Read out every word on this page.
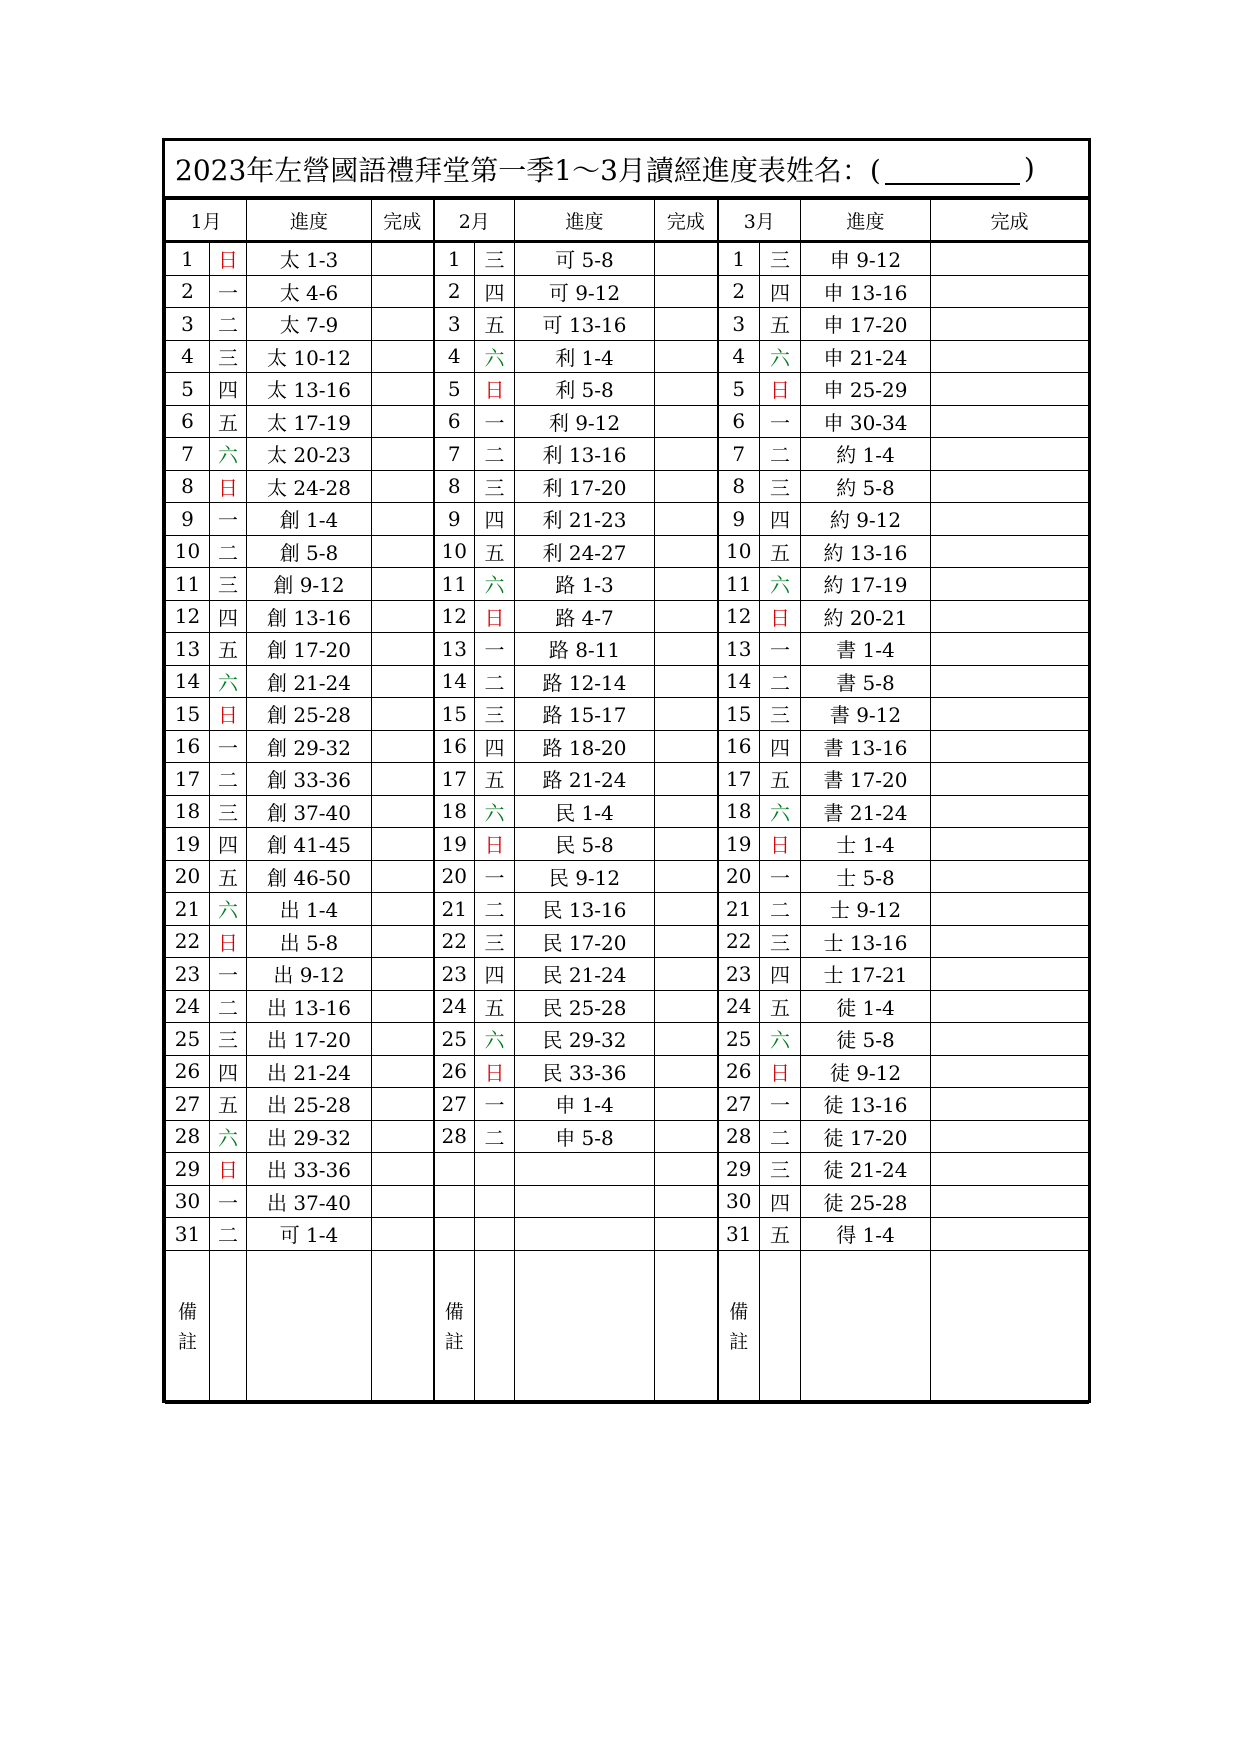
2023年左營國語禮拜堂第一季1～3月讀經進度表 姓名：(	)
1月		進度	完成	2月		進度	完成	3月		進度	完成
1	日	太 1-3		1	三	可 5-8		1	三	申 9-12	
2	一	太 4-6		2	四	可 9-12		2	四	申 13-16	
3	二	太 7-9		3	五	可 13-16		3	五	申 17-20	
4	三	太 10-12		4	六	利 1-4		4	六	申 21-24	
5	四	太 13-16		5	日	利 5-8		5	日	申 25-29	
6	五	太 17-19		6	一	利 9-12		6	一	申 30-34	
7	六	太 20-23		7	二	利 13-16		7	二	約 1-4	
8	日	太 24-28		8	三	利 17-20		8	三	約 5-8	
9	一	創 1-4		9	四	利 21-23		9	四	約 9-12	
10	二	創 5-8		10	五	利 24-27		10	五	約 13-16	
11	三	創 9-12		11	六	路 1-3		11	六	約 17-19	
12	四	創 13-16		12	日	路 4-7		12	日	約 20-21	
13	五	創 17-20		13	一	路 8-11		13	一	書 1-4	
14	六	創 21-24		14	二	路 12-14		14	二	書 5-8	
15	日	創 25-28		15	三	路 15-17		15	三	書 9-12	
16	一	創 29-32		16	四	路 18-20		16	四	書 13-16	
17	二	創 33-36		17	五	路 21-24		17	五	書 17-20	
18	三	創 37-40		18	六	民 1-4		18	六	書 21-24	
19	四	創 41-45		19	日	民 5-8		19	日	士 1-4	
20	五	創 46-50		20	一	民 9-12		20	一	士 5-8	
21	六	出 1-4		21	二	民 13-16		21	二	士 9-12	
22	日	出 5-8		22	三	民 17-20		22	三	士 13-16	
23	一	出 9-12		23	四	民 21-24		23	四	士 17-21	
24	二	出 13-16		24	五	民 25-28		24	五	徒 1-4	
25	三	出 17-20		25	六	民 29-32		25	六	徒 5-8	
26	四	出 21-24		26	日	民 33-36		26	日	徒 9-12	
27	五	出 25-28		27	一	申 1-4		27	一	徒 13-16	
28	六	出 29-32		28	二	申 5-8		28	二	徒 17-20	
29	日	出 33-36						29	三	徒 21-24	
30	一	出 37-40						30	四	徒 25-28	
31	二	可 1-4						31	五	得 1-4	
備註				備註				備註			
